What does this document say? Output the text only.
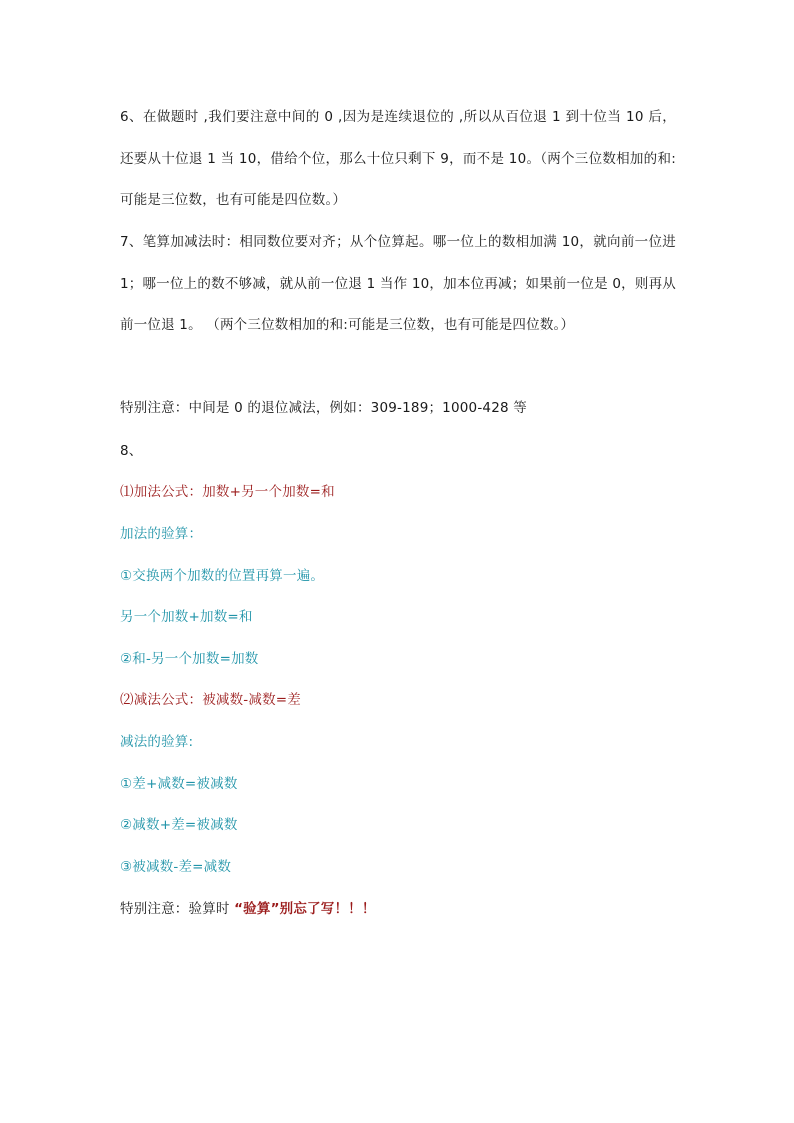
6、在做题时 ,我们要注意中间的 0 ,因为是连续退位的 ,所以从百位退 1 到十位当 10 后，还要从十位退 1 当 10，借给个位，那么十位只剩下 9，而不是 10。（两个三位数相加的和:可能是三位数，也有可能是四位数。）

7、笔算加减法时：相同数位要对齐；从个位算起。哪一位上的数相加满 10，就向前一位进 1；哪一位上的数不够减，就从前一位退 1 当作 10，加本位再减；如果前一位是 0，则再从前一位退 1。 （两个三位数相加的和:可能是三位数，也有可能是四位数。）

特别注意：中间是 0 的退位减法，例如：309-189；1000-428 等

8、

⑴加法公式：加数+另一个加数=和

加法的验算：

①交换两个加数的位置再算一遍。

另一个加数+加数=和

②和-另一个加数=加数

⑵减法公式：被减数-减数=差

减法的验算:

①差+减数=被减数

②减数+差=被减数

③被减数-差=减数

特别注意：验算时 “验算”别忘了写！！！
